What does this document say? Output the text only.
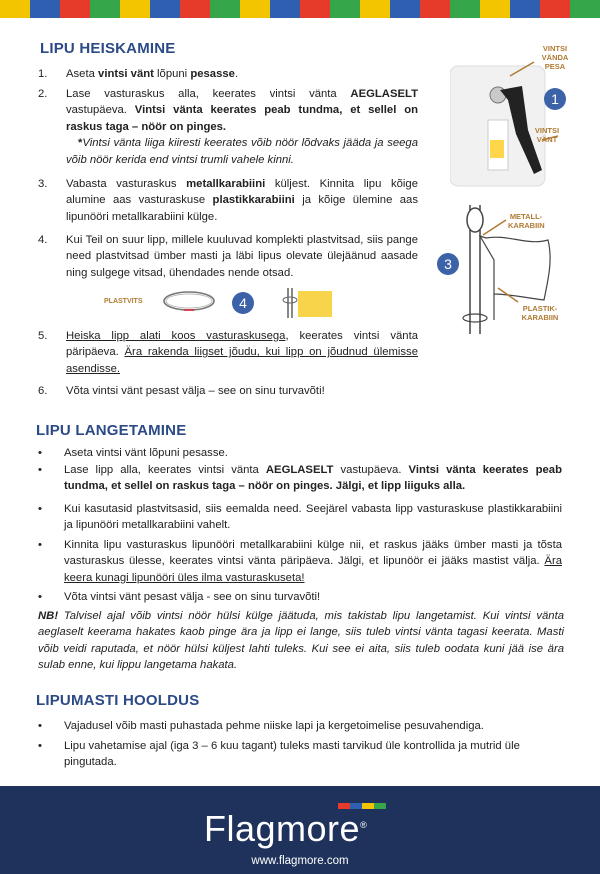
LIPU HEISKAMINE
1. Aseta vintsi vänt lõpuni pesasse.
2. Lase vasturaskus alla, keerates vintsi vänta AEGLASELT vastupäeva. Vintsi vänta keerates peab tundma, et sellel on raskus taga – nöör on pinges.
*Vintsi vänta liiga kiiresti keerates võib nöör lõdvaks jääda ja seega võib nöör kerida end vintsi trumli vahele kinni.
3. Vabasta vasturaskus metallkarabiini küljest. Kinnita lipu kõige alumine aas vasturaskuse plastikkarabiini ja kõige ülemine aas lipunööri metallkarabiini külge.
4. Kui Teil on suur lipp, millele kuuluvad komplekti plastvitsad, siis pange need plastvitsad ümber masti ja läbi lipus olevate ülejäänud aasade ning sulgege vitsad, ühendades nende otsad.
PLASTVITS	4
5. Heiska lipp alati koos vasturaskusega, keerates vintsi vänta päripäeva. Ära rakenda liigset jõudu, kui lipp on jõudnud ülemisse asendisse.
6. Võta vintsi vänt pesast välja – see on sinu turvavõti!
VINTSI VÄNDA PESA
1
VINTSI VÄNT
METALL-KARABIIN
3
PLASTIK-KARABIIN
LIPU LANGETAMINE
• Aseta vintsi vänt lõpuni pesasse.
• Lase lipp alla, keerates vintsi vänta AEGLASELT vastupäeva. Vintsi vänta keerates peab tundma, et sellel on raskus taga – nöör on pinges. Jälgi, et lipp liiguks alla.
• Kui kasutasid plastvitsasid, siis eemalda need. Seejärel vabasta lipp vasturaskuse plastikkarabiini ja lipunööri metallkarabiini vahelt.
• Kinnita lipu vasturaskus lipunööri metallkarabiini külge nii, et raskus jääks ümber masti ja tõsta vasturaskus ülesse, keerates vintsi vänta päripäeva. Jälgi, et lipunöör ei jääks mastist välja. Ära keera kunagi lipunööri üles ilma vasturaskuseta!
• Võta vintsi vänt pesast välja - see on sinu turvavõti!
NB! Talvisel ajal võib vintsi nöör hülsi külge jäätuda, mis takistab lipu langetamist. Kui vintsi vänta aeglaselt keerama hakates kaob pinge ära ja lipp ei lange, siis tuleb vintsi vänta tagasi keerata. Masti võib veidi raputada, et nöör hülsi küljest lahti tuleks. Kui see ei aita, siis tuleb oodata kuni jää ise ära sulab enne, kui lippu langetama hakata.
LIPUMASTI HOOLDUS
• Vajadusel võib masti puhastada pehme niiske lapi ja kergetoimelise pesuvahendiga.
• Lipu vahetamise ajal (iga 3 – 6 kuu tagant) tuleks masti tarvikud üle kontrollida ja mutrid üle pingutada.
Flagmore®
www.flagmore.com
